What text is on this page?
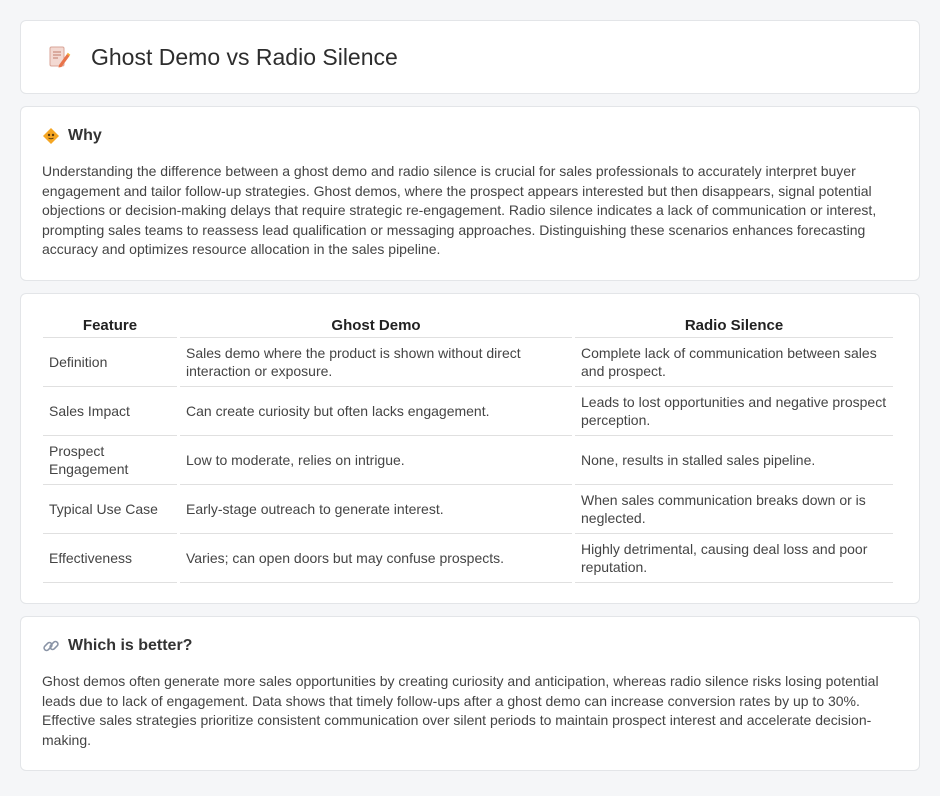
Ghost Demo vs Radio Silence
Why

Understanding the difference between a ghost demo and radio silence is crucial for sales professionals to accurately interpret buyer engagement and tailor follow-up strategies. Ghost demos, where the prospect appears interested but then disappears, signal potential objections or decision-making delays that require strategic re-engagement. Radio silence indicates a lack of communication or interest, prompting sales teams to reassess lead qualification or messaging approaches. Distinguishing these scenarios enhances forecasting accuracy and optimizes resource allocation in the sales pipeline.

Feature	Ghost Demo	Radio Silence
Definition	Sales demo where the product is shown without direct interaction or exposure.	Complete lack of communication between sales and prospect.
Sales Impact	Can create curiosity but often lacks engagement.	Leads to lost opportunities and negative prospect perception.
Prospect Engagement	Low to moderate, relies on intrigue.	None, results in stalled sales pipeline.
Typical Use Case	Early-stage outreach to generate interest.	When sales communication breaks down or is neglected.
Effectiveness	Varies; can open doors but may confuse prospects.	Highly detrimental, causing deal loss and poor reputation.
Which is better?

Ghost demos often generate more sales opportunities by creating curiosity and anticipation, whereas radio silence risks losing potential leads due to lack of engagement. Data shows that timely follow-ups after a ghost demo can increase conversion rates by up to 30%. Effective sales strategies prioritize consistent communication over silent periods to maintain prospect interest and accelerate decision-making.
